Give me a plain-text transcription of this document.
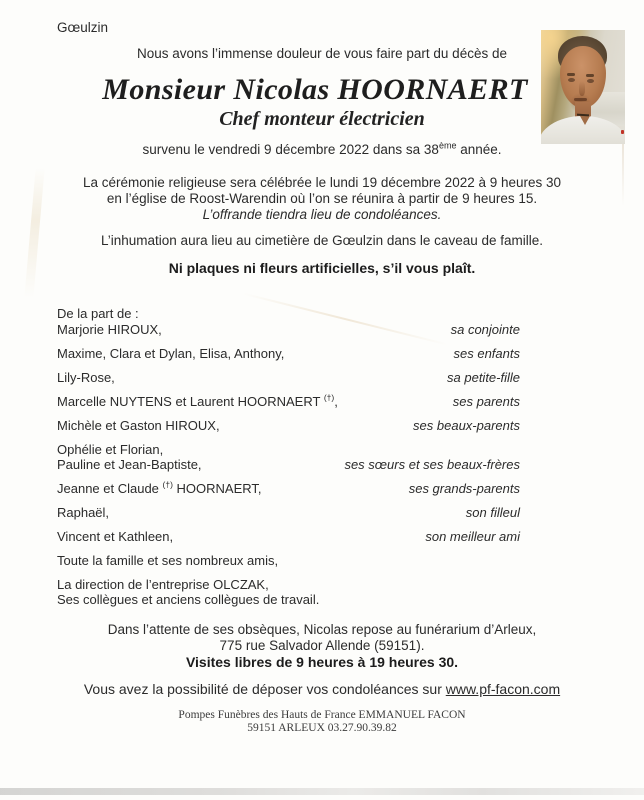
Gœulzin
Nous avons l’immense douleur de vous faire part du décès de
Monsieur Nicolas HOORNAERT
Chef monteur électricien
survenu le vendredi 9 décembre 2022 dans sa 38ème année.
La cérémonie religieuse sera célébrée le lundi 19 décembre 2022 à 9 heures 30
en l’église de Roost-Warendin où l’on se réunira à partir de 9 heures 15.
L’offrande tiendra lieu de condoléances.
L’inhumation aura lieu au cimetière de Gœulzin dans le caveau de famille.
Ni plaques ni fleurs artificielles, s’il vous plaît.
De la part de :
Marjorie HIROUX,	sa conjointe
Maxime, Clara et Dylan, Elisa, Anthony,	ses enfants
Lily-Rose,	sa petite-fille
Marcelle NUYTENS et Laurent HOORNAERT (†),	ses parents
Michèle et Gaston HIROUX,	ses beaux-parents
Ophélie et Florian,
Pauline et Jean-Baptiste,	ses sœurs et ses beaux-frères
Jeanne et Claude (†) HOORNAERT,	ses grands-parents
Raphaël,	son filleul
Vincent et Kathleen,	son meilleur ami
Toute la famille et ses nombreux amis,
La direction de l’entreprise OLCZAK,
Ses collègues et anciens collègues de travail.
Dans l’attente de ses obsèques, Nicolas repose au funérarium d’Arleux,
775 rue Salvador Allende (59151).
Visites libres de 9 heures à 19 heures 30.
Vous avez la possibilité de déposer vos condoléances sur www.pf-facon.com
Pompes Funèbres des Hauts de France EMMANUEL FACON
59151 ARLEUX 03.27.90.39.82
